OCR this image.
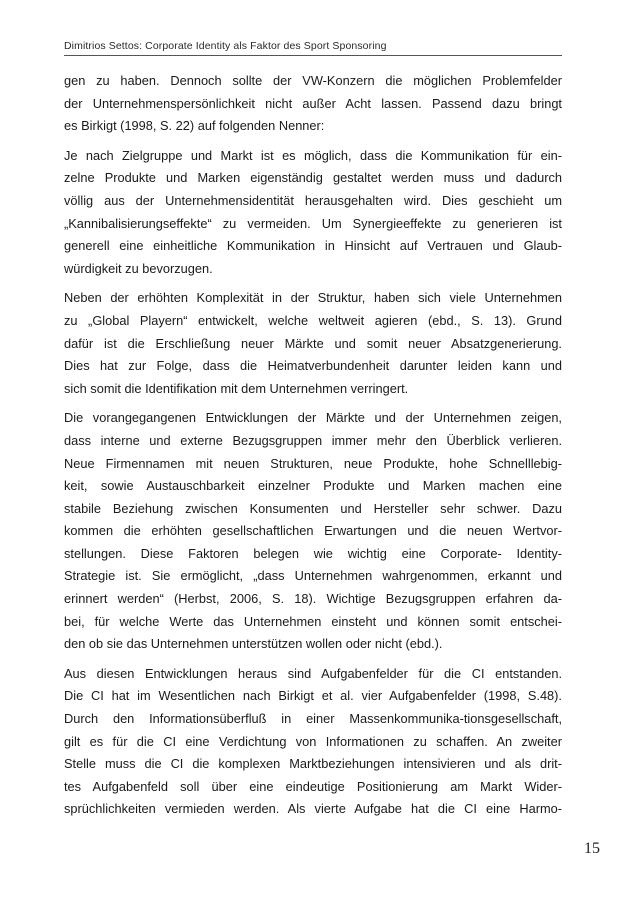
Dimitrios Settos: Corporate Identity als Faktor des Sport Sponsoring
gen zu haben. Dennoch sollte der VW-Konzern die möglichen Problemfelder
der Unternehmenspersönlichkeit nicht außer Acht lassen. Passend dazu bringt
es Birkigt (1998, S. 22) auf folgenden Nenner:
Je nach Zielgruppe und Markt ist es möglich, dass die Kommunikation für ein-
zelne Produkte und Marken eigenständig gestaltet werden muss und dadurch
völlig aus der Unternehmensidentität herausgehalten wird. Dies geschieht um
„Kannibalisierungseffekte“ zu vermeiden. Um Synergieeffekte zu generieren ist
generell eine einheitliche Kommunikation in Hinsicht auf Vertrauen und Glaub-
würdigkeit zu bevorzugen.
Neben der erhöhten Komplexität in der Struktur, haben sich viele Unternehmen
zu „Global Playern“ entwickelt, welche weltweit agieren (ebd., S. 13). Grund
dafür ist die Erschließung neuer Märkte und somit neuer Absatzgenerierung.
Dies hat zur Folge, dass die Heimatverbundenheit darunter leiden kann und
sich somit die Identifikation mit dem Unternehmen verringert.
Die vorangegangenen Entwicklungen der Märkte und der Unternehmen zeigen,
dass interne und externe Bezugsgruppen immer mehr den Überblick verlieren.
Neue Firmennamen mit neuen Strukturen, neue Produkte, hohe Schnelllebig-
keit, sowie Austauschbarkeit einzelner Produkte und Marken machen eine
stabile Beziehung zwischen Konsumenten und Hersteller sehr schwer. Dazu
kommen die erhöhten gesellschaftlichen Erwartungen und die neuen Wertvor-
stellungen. Diese Faktoren belegen wie wichtig eine Corporate- Identity-
Strategie ist. Sie ermöglicht, „dass Unternehmen wahrgenommen, erkannt und
erinnert werden“ (Herbst, 2006, S. 18). Wichtige Bezugsgruppen erfahren da-
bei, für welche Werte das Unternehmen einsteht und können somit entschei-
den ob sie das Unternehmen unterstützen wollen oder nicht (ebd.).
Aus diesen Entwicklungen heraus sind Aufgabenfelder für die CI entstanden.
Die CI hat im Wesentlichen nach Birkigt et al. vier Aufgabenfelder (1998, S.48).
Durch den Informationsüberfluß in einer Massenkommunika-tionsgesellschaft,
gilt es für die CI eine Verdichtung von Informationen zu schaffen. An zweiter
Stelle muss die CI die komplexen Marktbeziehungen intensivieren und als drit-
tes Aufgabenfeld soll über eine eindeutige Positionierung am Markt Wider-
sprüchlichkeiten vermieden werden. Als vierte Aufgabe hat die CI eine Harmo-
15
